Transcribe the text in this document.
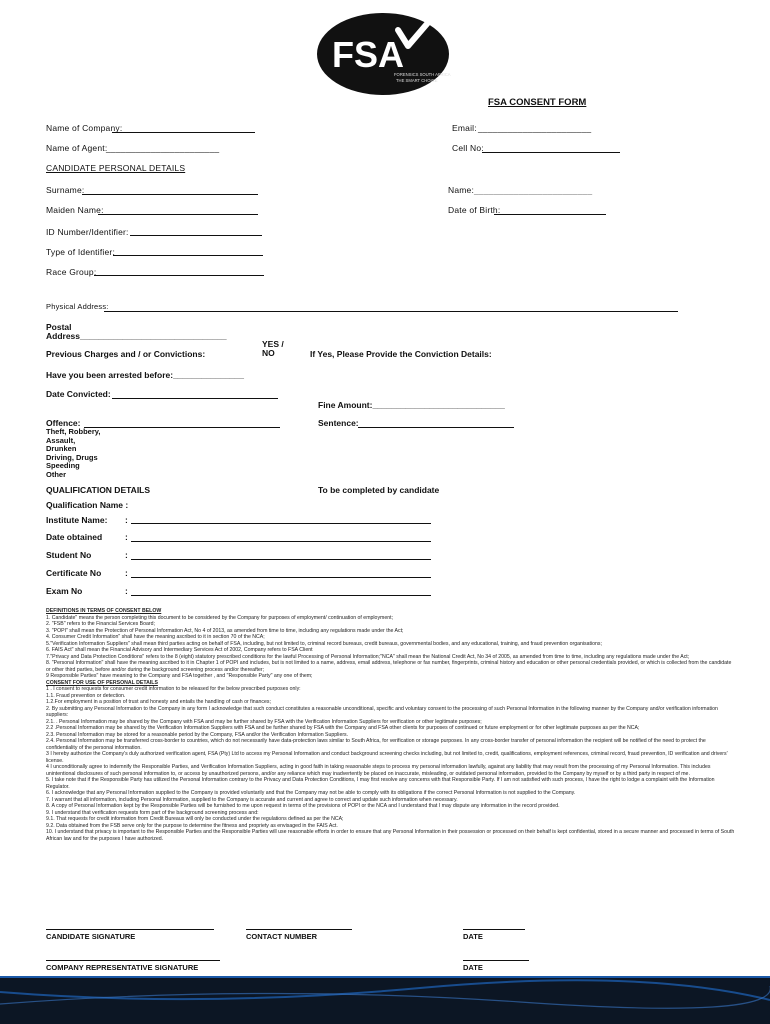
FSA
FORENSICS SOUTH AFRICA
THE SMART CHOICE
FSA CONSENT FORM
Name of Company:	Email: _______________________
Name of Agent:
_______________________	Cell No:
CANDIDATE PERSONAL DETAILS
Surname:	Name: ________________________
Maiden Name:	Date of Birth:
ID Number/Identifier:
Type of Identifier:
Race Group:
Physical Address:
Postal
Address_______________________________
Previous Charges and / or Convictions:
YES /
NO	If Yes, Please Provide the Conviction Details:
Have you been arrested before:_______________
Date Convicted:
Fine Amount:____________________________
Offence:	Sentence:
Theft, Robbery,
Assault,
Drunken
Driving, Drugs
Speeding
Other
QUALIFICATION DETAILS	To be completed by candidate
Qualification Name :
Institute Name: :
Date obtained	:
Student No	:
Certificate No	:
Exam No	:

DEFINITIONS IN TERMS OF CONSENT BELOW

1. Candidate" means the person completing this document to be considered by the Company for purposes of employment/ continuation of employment;

2. "FSB" refers to the Financial Services Board;

3. "POPI" shall mean the Protection of Personal Information Act, No 4 of 2013, as amended from time to time, including any regulations made under the Act;

4. Consumer Credit Information" shall have the meaning ascribed to it in section 70 of the NCA;

5."Verification Information Suppliers" shall mean third parties acting on behalf of FSA, including, but not limited to, criminal record bureaus, credit bureaus, governmental bodies, and any educational, training, and fraud prevention organisations;

6. FAIS Act" shall mean the Financial Advisory and Intermediary Services Act of 2002, Company refers to FSA Client

7."Privacy and Data Protection Conditions" refers to the 8 (eight) statutory prescribed conditions for the lawful Processing of Personal Information;"NCA" shall mean the National Credit Act, No 34 of 2005, as amended from time to time, including any regulations made under the Act;

8. "Personal Information" shall have the meaning ascribed to it in Chapter 1 of POPI and includes, but is not limited to a name, address, email address, telephone or fax number, fingerprints, criminal history and education or other personal credentials provided, or which is collected from the candidate or other third parties, before and/or during the background screening process and/or thereafter;

9 Responsible Parties" have meaning to the Company and FSA together , and "Responsible Party" any one of them;

CONSENT FOR USE OF PERSONAL DETAILS

1 . I consent to requests for consumer credit information to be released for the below prescribed purposes only:

1.1. Fraud prevention or detection.

1.2.For employment in a position of trust and honesty and entails the handling of cash or finances;

2. By submitting any Personal Information to the Company in any form I acknowledge that such conduct constitutes a reasonable unconditional, specific and voluntary consent to the processing of such Personal Information in the following manner by the Company and/or verification information suppliers:

2.1. . Personal Information may be shared by the Company with FSA and may be further shared by FSA with the Verification Information Suppliers for verification or other legitimate purposes;

2.2 .Personal Information may be shared by the Verification Information Suppliers with FSA and be further shared by FSA with the Company and FSA other clients for purposes of continued or future employment or for other legitimate purposes as per the NCA;

2.3. Personal Information may be stored for a reasonable period by the Company, FSA and/or the Verification Information Suppliers.

2.4. Personal Information may be transferred cross-border to countries, which do not necessarily have data-protection laws similar to South Africa, for verification or storage purposes. In any cross-border transfer of personal information the recipient will be notified of the need to protect the confidentiality of the personal information.

3 I hereby authorize the Company's duly authorized verification agent, FSA (Pty) Ltd to access my Personal Information and conduct background screening checks including, but not limited to, credit, qualifications, employment references, criminal record, fraud prevention, ID verification and drivers' license.

4 I unconditionally agree to indemnify the Responsible Parties, and Verification Information Suppliers, acting in good faith in taking reasonable steps to process my personal information lawfully, against any liability that may result from the processing of my Personal Information. This includes unintentional disclosures of such personal information to, or access by unauthorized persons, and/or any reliance which may inadvertently be placed on inaccurate, misleading, or outdated personal information, provided to the Company by myself or by a third party in respect of me.

5. I take note that if the Responsible Party has utilized the Personal Information contrary to the Privacy and Data Protection Conditions, I may first resolve any concerns with that Responsible Party. If I am not satisfied with such process, I have the right to lodge a complaint with the Information Regulator.

6. I acknowledge that any Personal Information supplied to the Company is provided voluntarily and that the Company may not be able to comply with its obligations if the correct Personal Information is not supplied to the Company.

7. I warrant that all information, including Personal Information, supplied to the Company is accurate and current and agree to correct and update such information when necessary.

8. A copy of Personal Information kept by the Responsible Parties will be furnished to me upon request in terms of the provisions of POPI or the NCA and I understand that I may dispute any information in the record provided.

9. I understand that verification requests form part of the background screening process and:

9.1. That requests for credit information from Credit Bureaus will only be conducted under the regulations defined as per the NCA;

9.2. Data obtained from the FSB serve only for the purpose to determine the fitness and propriety as envisaged in the FAIS Act.

10. I understand that privacy is important to the Responsible Parties and the Responsible Parties will use reasonable efforts in order to ensure that any Personal Information in their possession or processed on their behalf is kept confidential, stored in a secure manner and processed in terms of South African law and for the purposes I have authorized.

CANDIDATE SIGNATURE	CONTACT NUMBER	DATE
COMPANY REPRESENTATIVE SIGNATURE	DATE
